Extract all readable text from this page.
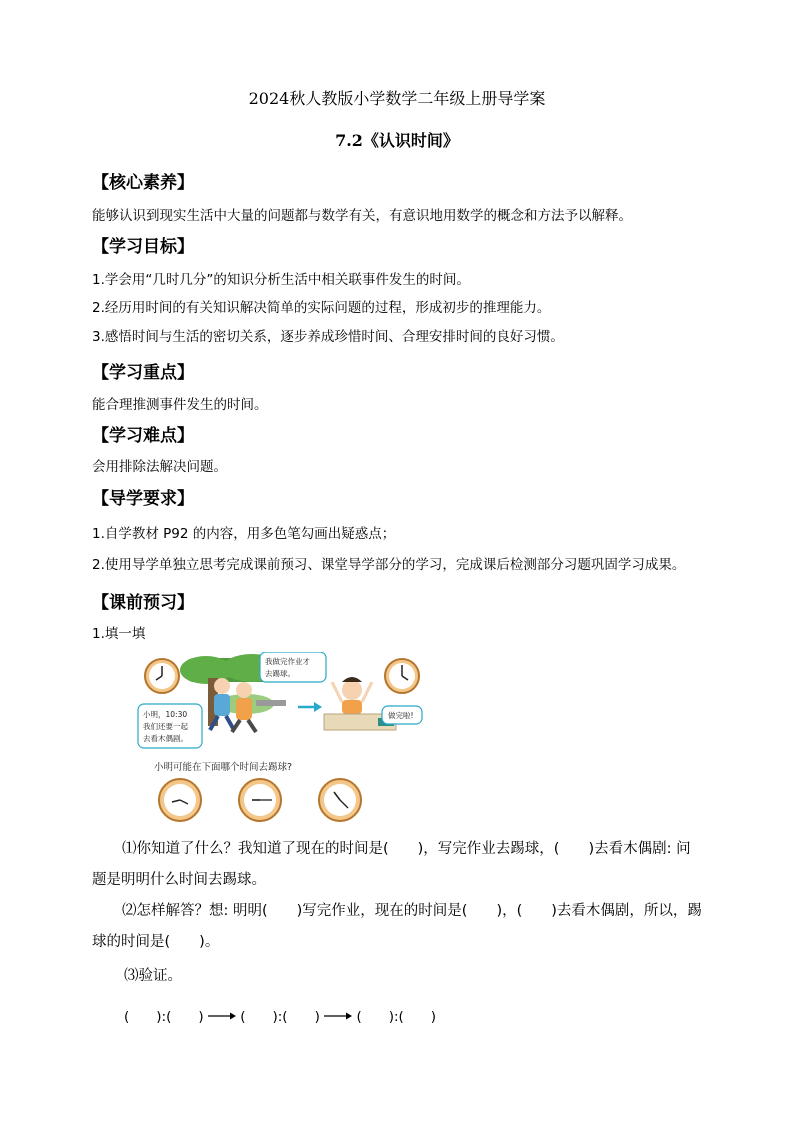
2024秋人教版小学数学二年级上册导学案
7.2《认识时间》
【核心素养】
能够认识到现实生活中大量的问题都与数学有关，有意识地用数学的概念和方法予以解释。
【学习目标】
1.学会用“几时几分”的知识分析生活中相关联事件发生的时间。
2.经历用时间的有关知识解决简单的实际问题的过程，形成初步的推理能力。
3.感悟时间与生活的密切关系，逐步养成珍惜时间、合理安排时间的良好习惯。
【学习重点】
能合理推测事件发生的时间。
【学习难点】
会用排除法解决问题。
【导学要求】
1.自学教材 P92 的内容，用多色笔勾画出疑惑点；
2.使用导学单独立思考完成课前预习、课堂导学部分的学习，完成课后检测部分习题巩固学习成果。
【课前预习】
1.填一填
小明，10:30
我们还要一起
去看木偶剧。
我做完作业才
去踢球。
做完啦!
小明可能在下面哪个时间去踢球?
⑴你知道了什么？我知道了现在的时间是(　　)，写完作业去踢球，(　　)去看木偶剧: 问题是明明什么时间去踢球。
⑵怎样解答？想: 明明(　　)写完作业，现在的时间是(　　)，(　　)去看木偶剧，所以，踢球的时间是(　　)。
⑶验证。
(　　):(　　)	(　　):(　　)	(　　):(　　)
